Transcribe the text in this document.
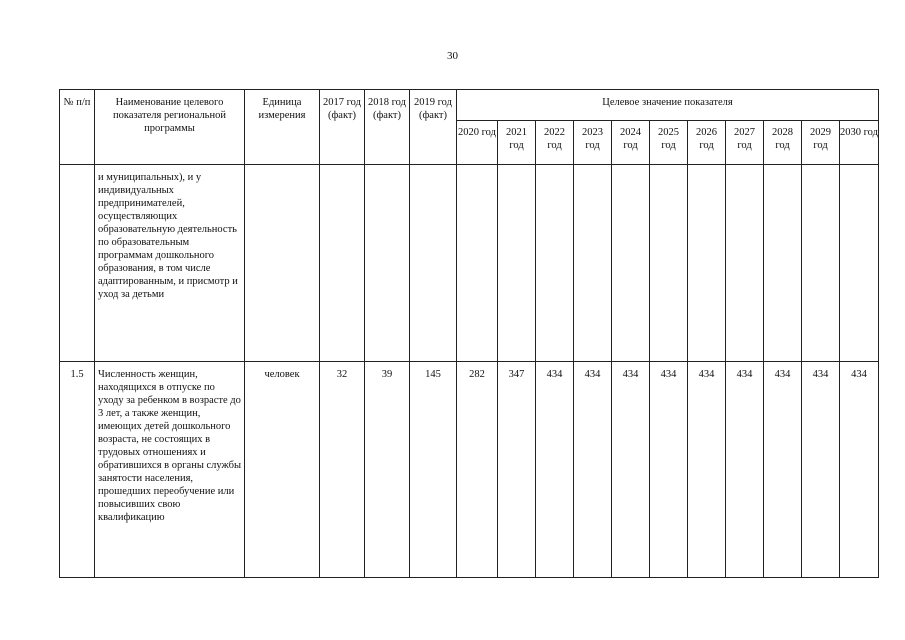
30
№ п/п	Наименование целевого показателя региональной программы	Единица измерения	2017 год (факт)	2018 год (факт)	2019 год (факт)	Целевое значение показателя										
						2020 год	2021 год	2022 год	2023 год	2024 год	2025 год	2026 год	2027 год	2028 год	2029 год	2030 год
	и муниципальных), и у индивидуальных предпринимателей, осуществляющих образовательную деятельность по образовательным программам дошкольного образования, в том числе адаптированным, и присмотр и уход за детьми															
1.5	Численность женщин, находящихся в отпуске по уходу за ребенком в возрасте до 3 лет, а также женщин, имеющих детей дошкольного возраста, не состоящих в трудовых отношениях и обратившихся в органы службы занятости населения, прошедших переобучение или повысивших свою квалификацию	человек	32	39	145	282	347	434	434	434	434	434	434	434	434	434
